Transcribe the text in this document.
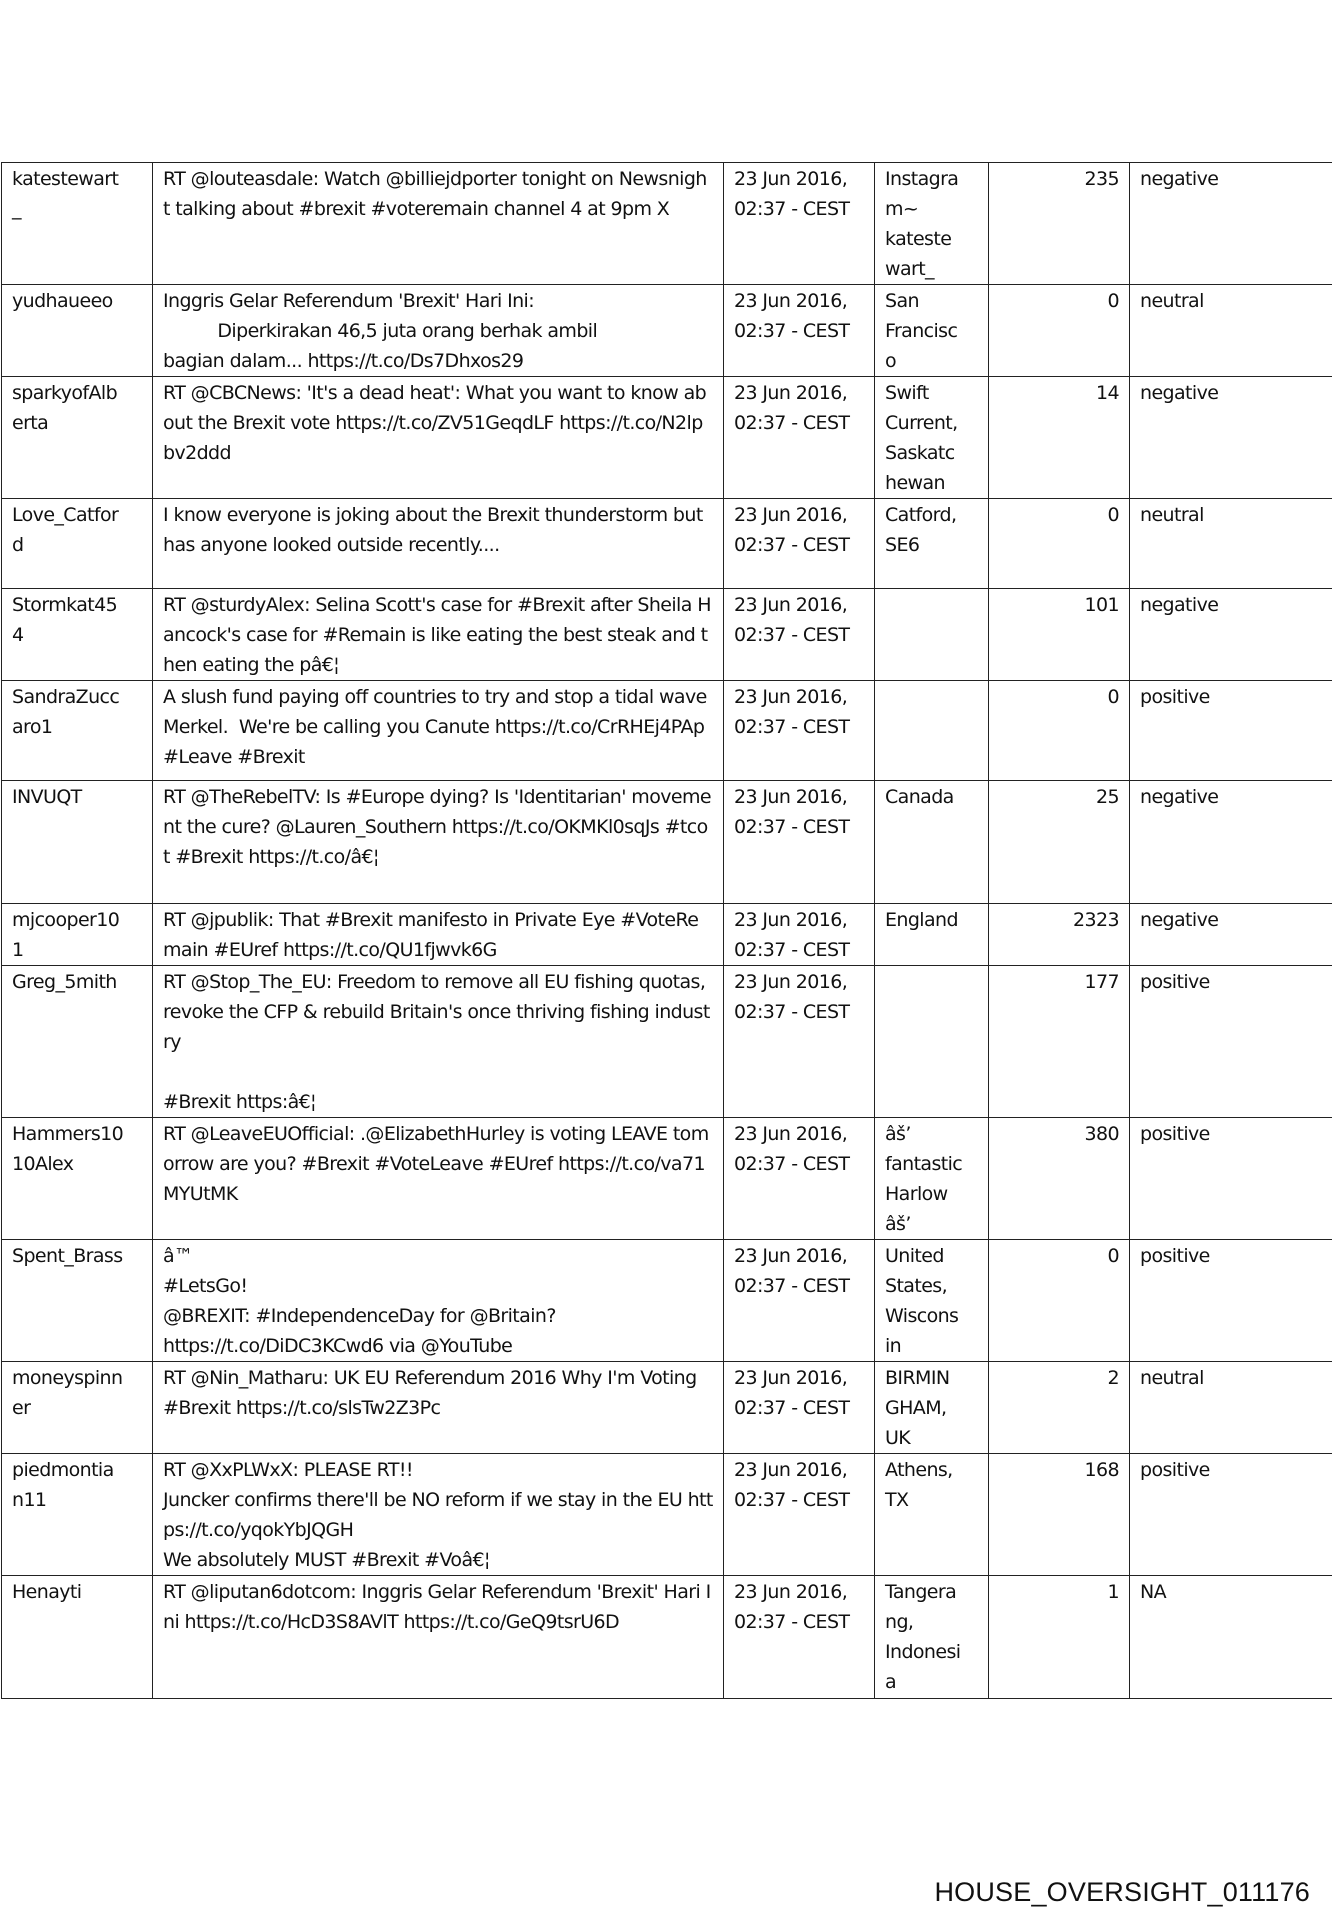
katestewart
_	RT @louteasdale: Watch @billiejdporter tonight on Newsnight talking about #brexit #voteremain channel 4 at 9pm X	23 Jun 2016,
02:37 - CEST	Instagra
m~
kateste
wart_	235	negative
yudhaueeo	Inggris Gelar Referendum 'Brexit' Hari Ini:
Diperkirakan 46,5 juta orang berhak ambil
bagian dalam... https://t.co/Ds7Dhxos29	23 Jun 2016,
02:37 - CEST	San
Francisc
o	0	neutral
sparkyofAlb
erta	RT @CBCNews: 'It's a dead heat': What you want to know about the Brexit vote https://t.co/ZV51GeqdLF https://t.co/N2lpbv2ddd	23 Jun 2016,
02:37 - CEST	Swift
Current,
Saskatc
hewan	14	negative
Love_Catfor
d	I know everyone is joking about the Brexit thunderstorm but has anyone looked outside recently....	23 Jun 2016,
02:37 - CEST	Catford,
SE6	0	neutral
Stormkat45
4	RT @sturdyAlex: Selina Scott's case for #Brexit after Sheila Hancock's case for #Remain is like eating the best steak and then eating the pâ€¦	23 Jun 2016,
02:37 - CEST		101	negative
SandraZucc
aro1	A slush fund paying off countries to try and stop a tidal wave Merkel.  We're be calling you Canute https://t.co/CrRHEj4PAp #Leave #Brexit	23 Jun 2016,
02:37 - CEST		0	positive
INVUQT	RT @TheRebelTV: Is #Europe dying? Is 'Identitarian' movement the cure? @Lauren_Southern https://t.co/OKMKl0sqJs #tcot #Brexit https://t.co/â€¦	23 Jun 2016,
02:37 - CEST	Canada	25	negative
mjcooper10
1	RT @jpublik: That #Brexit manifesto in Private Eye #VoteRemain #EUref https://t.co/QU1fjwvk6G	23 Jun 2016,
02:37 - CEST	England	2323	negative
Greg_5mith	RT @Stop_The_EU: Freedom to remove all EU fishing quotas, revoke the CFP & rebuild Britain's once thriving fishing industry

#Brexit https:â€¦	23 Jun 2016,
02:37 - CEST		177	positive
Hammers10
10Alex	RT @LeaveEUOfficial: .@ElizabethHurley is voting LEAVE tomorrow are you? #Brexit #VoteLeave #EUref https://t.co/va71MYUtMK	23 Jun 2016,
02:37 - CEST	âš’
fantastic
Harlow
âš’	380	positive
Spent_Brass	â™
#LetsGo!
@BREXIT: #IndependenceDay for @Britain?
https://t.co/DiDC3KCwd6 via @YouTube	23 Jun 2016,
02:37 - CEST	United
States,
Wiscons
in	0	positive
moneyspinn
er	RT @Nin_Matharu: UK EU Referendum 2016 Why I'm Voting #Brexit https://t.co/slsTw2Z3Pc	23 Jun 2016,
02:37 - CEST	BIRMIN
GHAM,
UK	2	neutral
piedmontia
n11	RT @XxPLWxX: PLEASE RT!!
Juncker confirms there'll be NO reform if we stay in the EU https://t.co/yqokYbJQGH
We absolutely MUST #Brexit #Voâ€¦	23 Jun 2016,
02:37 - CEST	Athens,
TX	168	positive
Henayti	RT @liputan6dotcom: Inggris Gelar Referendum 'Brexit' Hari Ini https://t.co/HcD3S8AVlT https://t.co/GeQ9tsrU6D	23 Jun 2016,
02:37 - CEST	Tangera
ng,
Indonesi
a	1	NA
HOUSE_OVERSIGHT_011176
